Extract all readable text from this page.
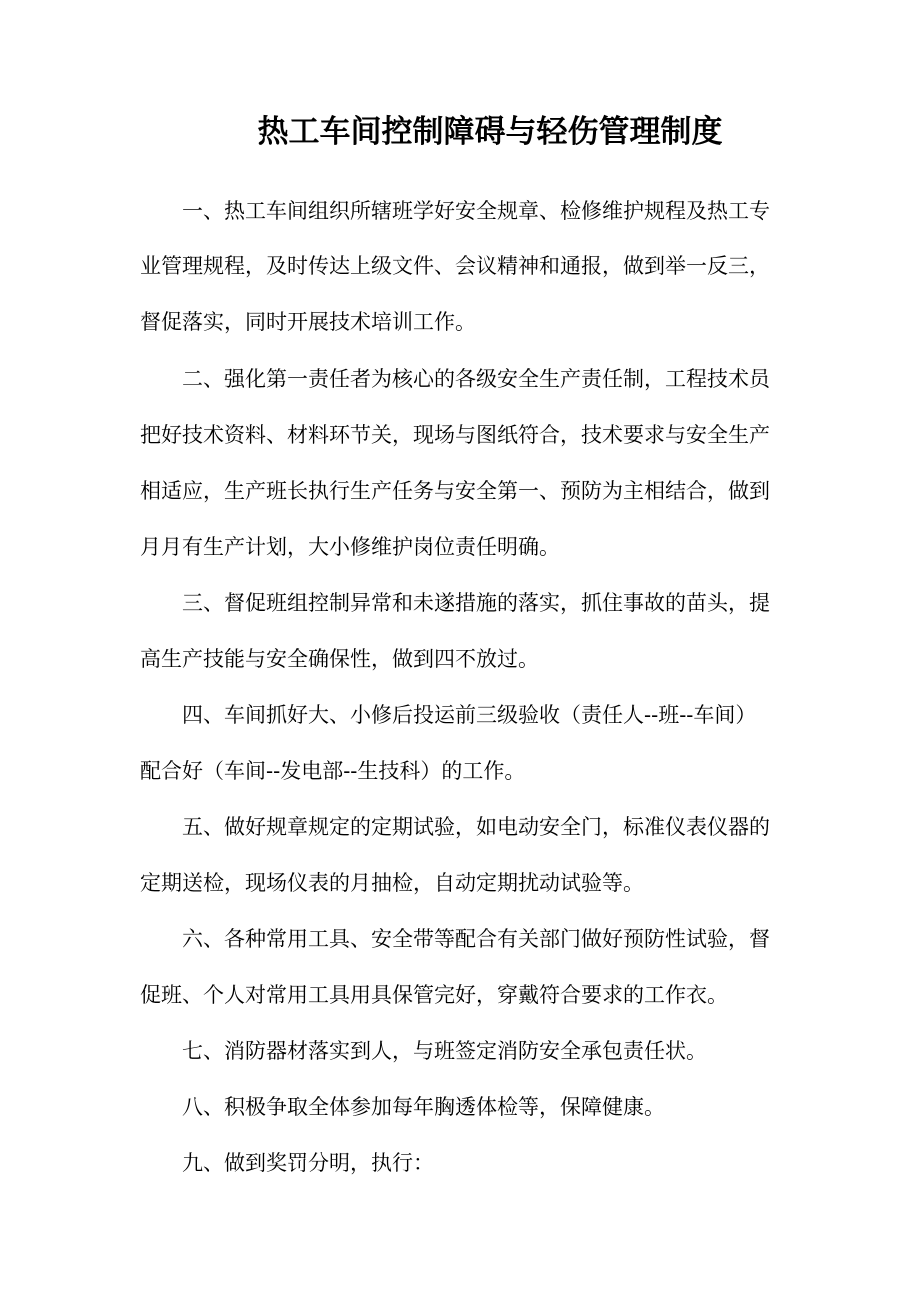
热工车间控制障碍与轻伤管理制度
一、热工车间组织所辖班学好安全规章、检修维护规程及热工专
业管理规程，及时传达上级文件、会议精神和通报，做到举一反三，
督促落实，同时开展技术培训工作。
二、强化第一责任者为核心的各级安全生产责任制，工程技术员
把好技术资料、材料环节关，现场与图纸符合，技术要求与安全生产
相适应，生产班长执行生产任务与安全第一、预防为主相结合，做到
月月有生产计划，大小修维护岗位责任明确。
三、督促班组控制异常和未遂措施的落实，抓住事故的苗头，提
高生产技能与安全确保性，做到四不放过。
四、车间抓好大、小修后投运前三级验收（责任人--班--车间）
配合好（车间--发电部--生技科）的工作。
五、做好规章规定的定期试验，如电动安全门，标准仪表仪器的
定期送检，现场仪表的月抽检，自动定期扰动试验等。
六、各种常用工具、安全带等配合有关部门做好预防性试验，督
促班、个人对常用工具用具保管完好，穿戴符合要求的工作衣。
七、消防器材落实到人，与班签定消防安全承包责任状。
八、积极争取全体参加每年胸透体检等，保障健康。
九、做到奖罚分明，执行：
